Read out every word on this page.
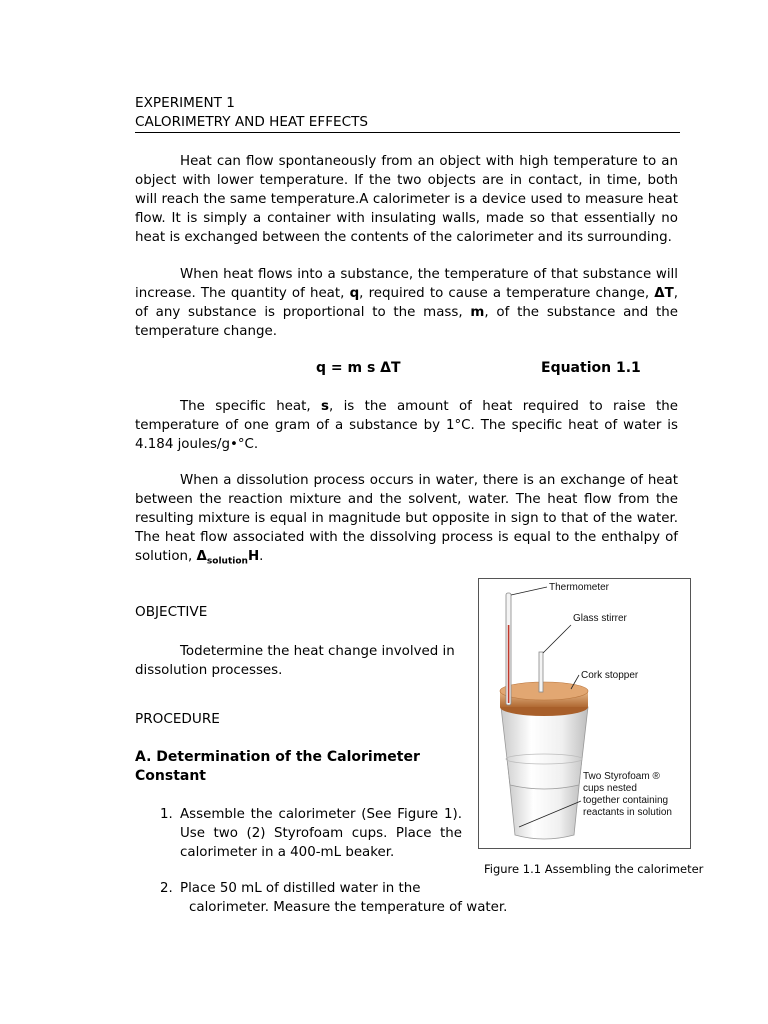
EXPERIMENT 1
CALORIMETRY AND HEAT EFFECTS

Heat can flow spontaneously from an object with high temperature to an object with lower temperature. If the two objects are in contact, in time, both will reach the same temperature.A calorimeter is a device used to measure heat flow. It is simply a container with insulating walls, made so that essentially no heat is exchanged between the contents of the calorimeter and its surrounding.

When heat flows into a substance, the temperature of that substance will increase. The quantity of heat, q, required to cause a temperature change, ΔT, of any substance is proportional to the mass, m, of the substance and the temperature change.

q = m s ΔT	Equation 1.1

The specific heat, s, is the amount of heat required to raise the temperature of one gram of a substance by 1°C. The specific heat of water is 4.184 joules/g•°C.

When a dissolution process occurs in water, there is an exchange of heat between the reaction mixture and the solvent, water. The heat flow from the resulting mixture is equal in magnitude but opposite in sign to that of the water. The heat flow associated with the dissolving process is equal to the enthalpy of solution, $\Delta_{solution}H$.

OBJECTIVE

Todetermine the heat change involved in dissolution processes.

PROCEDURE
A. Determination of the Calorimeter Constant
1. Assemble the calorimeter (See Figure 1). Use two (2) Styrofoam cups. Place the calorimeter in a 400-mL beaker.
2. Place 50 mL of distilled water in the
calorimeter. Measure the temperature of water.
Thermometer
Glass stirrer
Cork stopper
Two Styrofoam ®
cups nested
together containing
reactants in solution
Figure 1.1 Assembling the calorimeter
